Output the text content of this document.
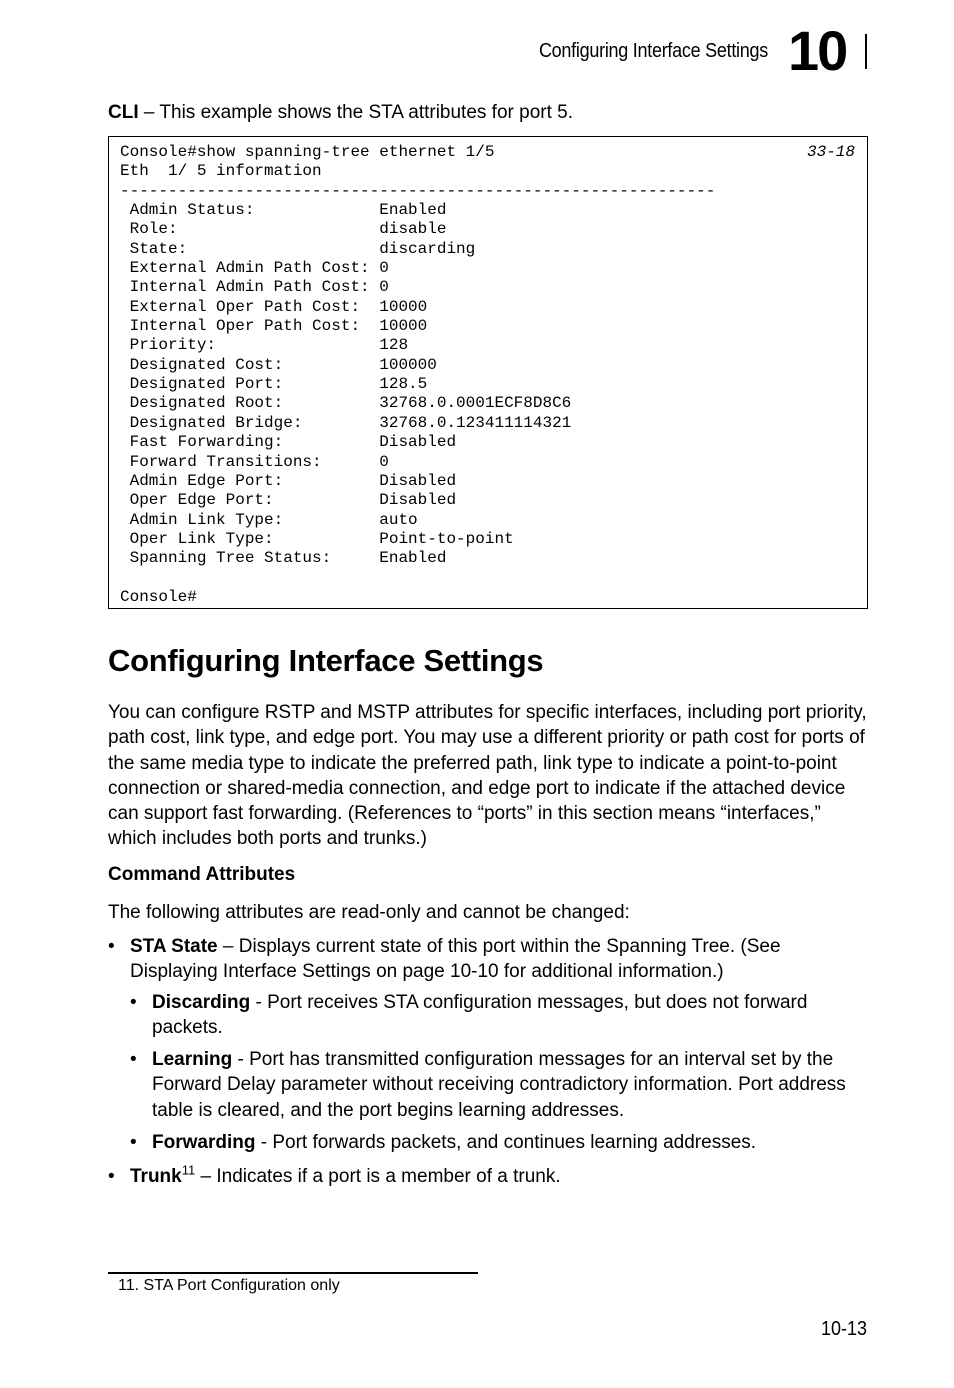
Configuring Interface Settings 10
CLI – This example shows the STA attributes for port 5.
Console#show spanning-tree ethernet 1/5
Eth  1/ 5 information
--------------------------------------------------------------
Admin Status:             Enabled
Role:                     disable
State:                    discarding
External Admin Path Cost: 0
Internal Admin Path Cost: 0
External Oper Path Cost:  10000
Internal Oper Path Cost:  10000
Priority:                 128
Designated Cost:          100000
Designated Port:          128.5
Designated Root:          32768.0.0001ECF8D8C6
Designated Bridge:        32768.0.123411114321
Fast Forwarding:          Disabled
Forward Transitions:      0
Admin Edge Port:          Disabled
Oper Edge Port:           Disabled
Admin Link Type:          auto
Oper Link Type:           Point-to-point
Spanning Tree Status:     Enabled

Console#
33-18
Configuring Interface Settings
You can configure RSTP and MSTP attributes for specific interfaces, including port priority, path cost, link type, and edge port. You may use a different priority or path cost for ports of the same media type to indicate the preferred path, link type to indicate a point-to-point connection or shared-media connection, and edge port to indicate if the attached device can support fast forwarding. (References to “ports” in this section means “interfaces,” which includes both ports and trunks.)
Command Attributes
The following attributes are read-only and cannot be changed:
• STA State – Displays current state of this port within the Spanning Tree. (See Displaying Interface Settings on page 10-10 for additional information.)
• Discarding - Port receives STA configuration messages, but does not forward packets.
• Learning - Port has transmitted configuration messages for an interval set by the Forward Delay parameter without receiving contradictory information. Port address table is cleared, and the port begins learning addresses.
• Forwarding - Port forwards packets, and continues learning addresses.
• Trunk$^{11}$ – Indicates if a port is a member of a trunk.
11. STA Port Configuration only
10-13
